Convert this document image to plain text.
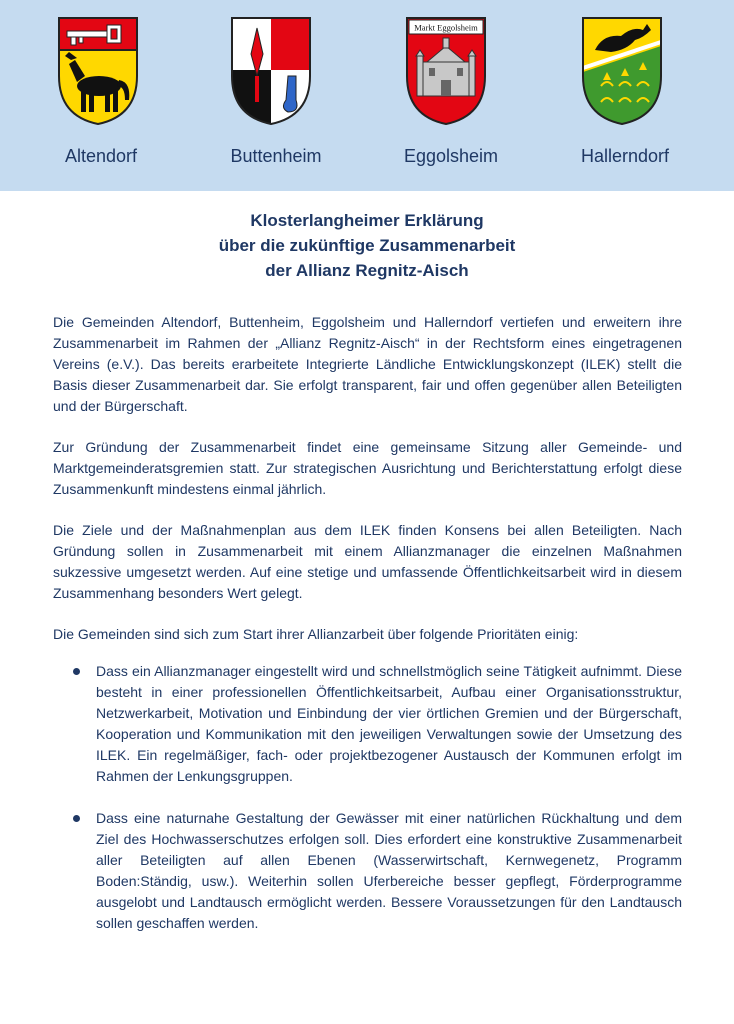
Markt Eggolsheim
Altendorf	Buttenheim	Eggolsheim	Hallerndorf
Klosterlangheimer Erklärung
über die zukünftige Zusammenarbeit
der Allianz Regnitz-Aisch

Die Gemeinden Altendorf, Buttenheim, Eggolsheim und Hallerndorf vertiefen und erweitern ihre Zusammenarbeit im Rahmen der „Allianz Regnitz-Aisch“ in der Rechtsform eines eingetragenen Vereins (e.V.). Das bereits erarbeitete Integrierte Ländliche Entwicklungskonzept (ILEK) stellt die Basis dieser Zusammenarbeit dar. Sie erfolgt transparent, fair und offen gegenüber allen Beteiligten und der Bürgerschaft.

Zur Gründung der Zusammenarbeit findet eine gemeinsame Sitzung aller Gemeinde- und Marktgemeinderatsgremien statt. Zur strategischen Ausrichtung und Berichterstattung erfolgt diese Zusammenkunft mindestens einmal jährlich.

Die Ziele und der Maßnahmenplan aus dem ILEK finden Konsens bei allen Beteiligten. Nach Gründung sollen in Zusammenarbeit mit einem Allianzmanager die einzelnen Maßnahmen sukzessive umgesetzt werden. Auf eine stetige und umfassende Öffentlichkeitsarbeit wird in diesem Zusammenhang besonders Wert gelegt.

Die Gemeinden sind sich zum Start ihrer Allianzarbeit über folgende Prioritäten einig:

Dass ein Allianzmanager eingestellt wird und schnellstmöglich seine Tätigkeit aufnimmt. Diese besteht in einer professionellen Öffentlichkeitsarbeit, Aufbau einer Organisationsstruktur, Netzwerkarbeit, Motivation und Einbindung der vier örtlichen Gremien und der Bürgerschaft, Kooperation und Kommunikation mit den jeweiligen Verwaltungen sowie der Umsetzung des ILEK. Ein regelmäßiger, fach- oder projektbezogener Austausch der Kommunen erfolgt im Rahmen der Lenkungsgruppen.
Dass eine naturnahe Gestaltung der Gewässer mit einer natürlichen Rückhaltung und dem Ziel des Hochwasserschutzes erfolgen soll. Dies erfordert eine konstruktive Zusammenarbeit aller Beteiligten auf allen Ebenen (Wasserwirtschaft, Kernwegenetz, Programm Boden:Ständig, usw.). Weiterhin sollen Uferbereiche besser gepflegt, Förderprogramme ausgelobt und Landtausch ermöglicht werden. Bessere Voraussetzungen für den Landtausch sollen geschaffen werden.
